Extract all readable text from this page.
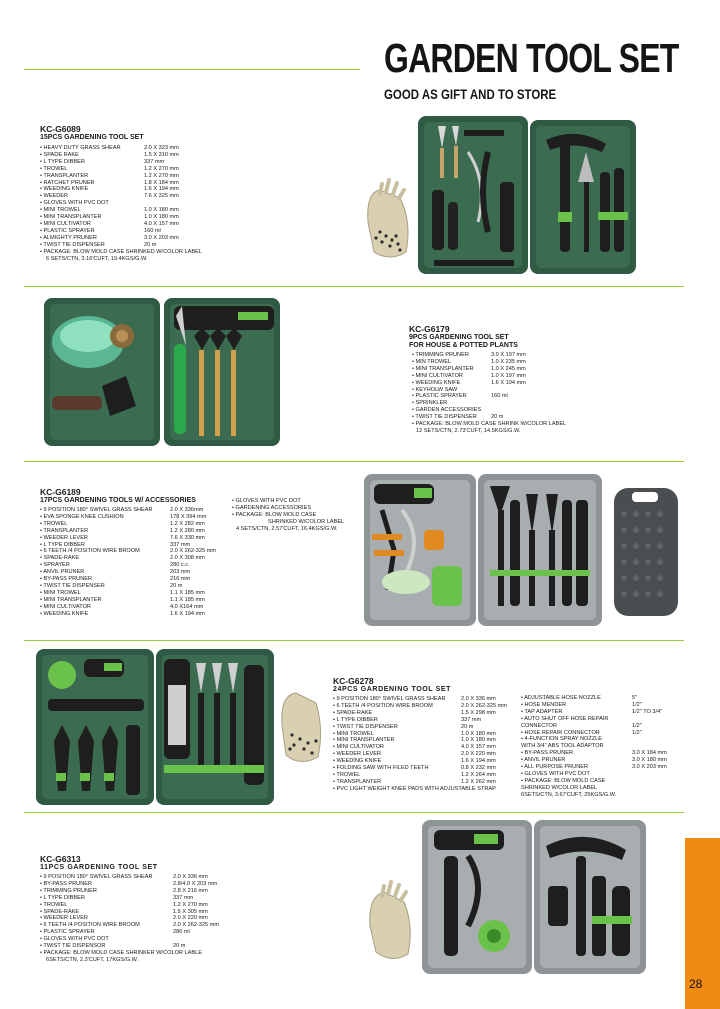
GARDEN TOOL SET
GOOD AS GIFT AND TO STORE
KC-G6089
15PCS GARDENING TOOL SET
• HEAVY DUTY GRASS SHEAR	2.0 X 323 mm
• SPADE RAKE	1.5 X 310 mm
• L TYPE DIBBER	337 mm
• TROWEL	1.2 X 270 mm
• TRANSPLANTER	1.2 X 270 mm
• RATCHET PRUNER	1.8 X 184 mm
• WEEDING KNIFE	1.6 X 194 mm
• WEEDER	7.6 X 325 mm
• GLOVES WITH PVC DOT
• MINI TROWEL	1.0 X 180 mm
• MINI TRANSPLANTER	1.0 X 180 mm
• MINI CULTIVATOR	4.0 X 157 mm
• PLASTIC SPRAYER	160 ml
• ALMIGHTY PRUNER	3.0 X 203 mm
• TWIST TIE DISPENSER	20 m
• PACKAGE: BLOW MOLD CASE SHRINKED W/COLOR LABEL
6 SETS/CTN, 3.16'CUFT, 19.4KGS/G.W.
KC-G6179
9PCS GARDENING TOOL SET
FOR HOUSE & POTTED PLANTS
• TRIMMING PRUNER	3.0 X 197 mm
• MIN TROWEL	1.0 X 235 mm
• MINI TRANSPLANTER	1.0 X 245 mm
• MINI CULTIVATOR	1.0 X 197 mm
• WEEDING KNIFE	1.6 X 194 mm
• KEYHOLW SAW
• PLASTIC SPRAYER	160 ml
• SPRINKLER
• GARDEN ACCESSORIES
• TWIST TIE DISPENSER	20 m
• PACKAGE: BLOW MOLD CASE SHRINK W/COLOR LABEL
12 SETS/CTN, 2.73'CUFT, 14.5KGS/G.W.
KC-G6189
17PCS GARDENING TOOLS W/ ACCESSORIES
• 9 POSITION 180° SWIVEL GRASS SHEAR	2.0 X 336mm
• EVA SPONGE KNEE CUSHION	178 X 394 mm
• TROWEL	1.2 X 282 mm
• TRANSPLANTER	1.2 X 280 mm
• WEEDER LEVER	7.6 X 330 mm
• L TYPE DIBBER	337 mm
• 6 TEETH /4 POSITION WIRE BROOM	2.0 X 262-325 mm
• SPADE-RAKE	2.0 X 308 mm
• SPRAYER	280 c.c.
• ANVIL PRUNER	203 mm
• BY-PASS PRUNER	216 mm
• TWIST TIE DISPENSER	20 m
• MINI TROWEL	1.1 X 185 mm
• MINI TRANSPLANTER	1.1 X 185 mm
• MINI CULTIVATOR	4.0 X164 mm
• WEEDING KNIFE	1.6 X 194 mm
• GLOVES WITH PVC DOT
• GARDENING ACCESSORIES
• PACKAGE: BLOW MOLD CASE
SHRINKED W/COLOR LABEL
4 SETS/CTN, 2.57'CUFT, 16.4KGS/G.W.
KC-G6278
24PCS GARDENING TOOL SET
• 9 POSITION 180° SWIVEL GRASS SHEAR	2.0 X 336 mm
• 6 TEETH /4 POSITION WIRE BROOM	2.0 X 262-325 mm
• SPADE-RAKE	1.5 X 298 mm
• L TYPE DIBBER	337 mm
• TWIST TIE DISPENSER	20 m
• MINI TROWEL	1.0 X 180 mm
• MINI TRANSPLANTER	1.0 X 180 mm
• MINI CULTIVATOR	4.0 X 157 mm
• WEEDER LEVER	2.0 X 220 mm
• WEEDING KNIFE	1.6 X 194 mm
• FOLDING SAW WITH FILED TEETH	0.8 X 232 mm
• TROWEL	1.2 X 264 mm
• TRANSPLANTER	1.2 X 262 mm
• PVC LIGHT WEIGHT KNEE PADS WITH ADJUSTABLE STRAP
• ADJUSTABLE HOSE NOZZLE	5"
• HOSE MENDER	1/2"
• TAP ADAPTER	1/2" TO 3/4"
• AUTO SHUT OFF HOSE REPAIR
CONNECTOR	1/2"
• HOSE REPAIR CONNECTOR	1/2"
• 4-FUNCTION SPRAY NOZZLE
WITH 3/4" ABS TOOL ADAPTOR
• BY-PASS PRUNER	3.0 X 184 mm
• ANVIL PRUNER	3.0 X 180 mm
• ALL PURPOSE PRUNER	3.0 X 203 mm
• GLOVES WITH PVC DOT
• PACKAGE: BLOW MOLD CASE
SHRINKED W/COLOR LABEL
6SETS/CTN, 3.67'CUFT, 25KGS/G.W.
KC-G6313
11PCS GARDENING TOOL SET
• 9 POSITION 180° SWIVEL GRASS SHEAR	2.0 X 336 mm
• BY-PASS PRUNER	2.8/4.0 X 203 mm
• TRIMMING PRUNER	2.8 X 216 mm
• L TYPE DIBBER	337 mm
• TROWEL	1.2 X 270 mm
• SPADE-RAKE	1.5 X 305 mm
• WEEDER LEVER	2.0 X 220 mm
• 6 TEETH /4 POSITION WIRE BROOM	2.0 X 262-325 mm
• PLASTIC SPRAYER	280 ml
• GLOVES WITH PVC DOT
• TWIST TIE DISPENSOR	20 m
• PACKAGE: BLOW MOLD CASE SHRINKER W/COLOR LABLE
6SETS/CTN, 2.3'CUFT, 17KGS/G.W.
28
